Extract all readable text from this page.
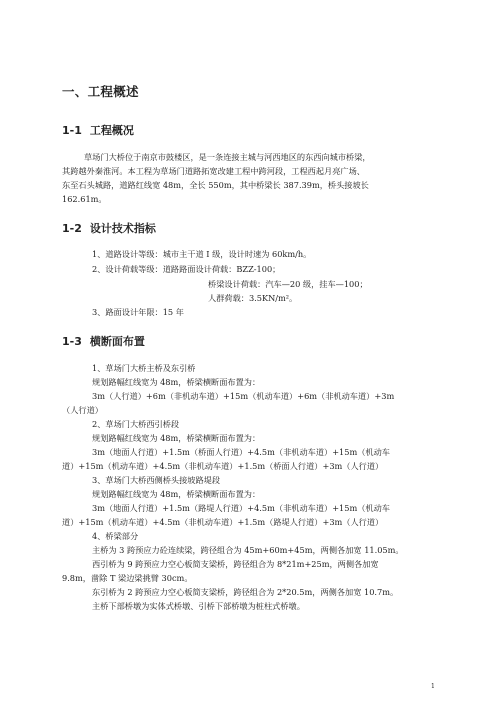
一、工程概述
1-1 工程概况
草场门大桥位于南京市鼓楼区，是一条连接主城与河西地区的东西向城市桥梁，
其跨越外秦淮河。本工程为草场门道路拓宽改建工程中跨河段，工程西起月亮广场、
东至石头城路，道路红线宽 48m，全长 550m，其中桥梁长 387.39m，桥头接坡长
162.61m。
1-2 设计技术指标
1、道路设计等级：城市主干道 I 级，设计时速为 60km/h。
2、设计荷载等级：道路路面设计荷载：BZZ-100；
桥梁设计荷载：汽车—20 级，挂车—100；
人群荷载：3.5KN/m²。
3、路面设计年限：15 年
1-3 横断面布置
1、草场门大桥主桥及东引桥
规划路幅红线宽为 48m，桥梁横断面布置为：
3m（人行道）+6m（非机动车道）+15m（机动车道）+6m（非机动车道）+3m
（人行道）
2、草场门大桥西引桥段
规划路幅红线宽为 48m，桥梁横断面布置为：
3m（地面人行道）+1.5m（桥面人行道）+4.5m（非机动车道）+15m（机动车
道）+15m（机动车道）+4.5m（非机动车道）+1.5m（桥面人行道）+3m（人行道）
3、草场门大桥西侧桥头接坡路堤段
规划路幅红线宽为 48m，桥梁横断面布置为：
3m（地面人行道）+1.5m（路堤人行道）+4.5m（非机动车道）+15m（机动车
道）+15m（机动车道）+4.5m（非机动车道）+1.5m（路堤人行道）+3m（人行道）
4、桥梁部分
主桥为 3 跨预应力砼连续梁，跨径组合为 45m+60m+45m，两侧各加宽 11.05m。
西引桥为 9 跨预应力空心板简支梁桥，跨径组合为 8*21m+25m，两侧各加宽
9.8m，凿除 T 梁边梁挑臂 30cm。
东引桥为 2 跨预应力空心板简支梁桥，跨径组合为 2*20.5m，两侧各加宽 10.7m。
主桥下部桥墩为实体式桥墩、引桥下部桥墩为桩柱式桥墩。
1
